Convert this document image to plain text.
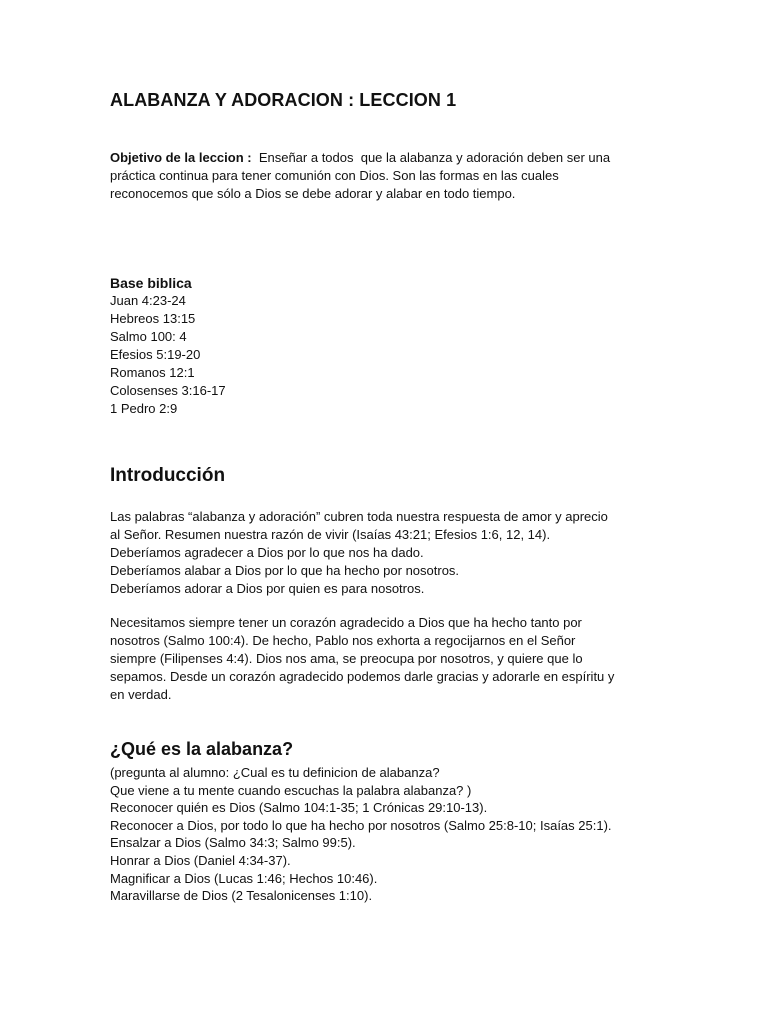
ALABANZA Y ADORACION : LECCION 1
Objetivo de la leccion :  Enseñar a todos  que la alabanza y adoración deben ser una
práctica continua para tener comunión con Dios. Son las formas en las cuales
reconocemos que sólo a Dios se debe adorar y alabar en todo tiempo.
Base biblica
Juan 4:23-24
Hebreos 13:15
Salmo 100: 4
Efesios 5:19-20
Romanos 12:1
Colosenses 3:16-17
1 Pedro 2:9
Introducción
Las palabras “alabanza y adoración” cubren toda nuestra respuesta de amor y aprecio
al Señor. Resumen nuestra razón de vivir (Isaías 43:21; Efesios 1:6, 12, 14).
Deberíamos agradecer a Dios por lo que nos ha dado.
Deberíamos alabar a Dios por lo que ha hecho por nosotros.
Deberíamos adorar a Dios por quien es para nosotros.
Necesitamos siempre tener un corazón agradecido a Dios que ha hecho tanto por
nosotros (Salmo 100:4). De hecho, Pablo nos exhorta a regocijarnos en el Señor
siempre (Filipenses 4:4). Dios nos ama, se preocupa por nosotros, y quiere que lo
sepamos. Desde un corazón agradecido podemos darle gracias y adorarle en espíritu y
en verdad.
¿Qué es la alabanza?
(pregunta al alumno: ¿Cual es tu definicion de alabanza?
Que viene a tu mente cuando escuchas la palabra alabanza? )
Reconocer quién es Dios (Salmo 104:1-35; 1 Crónicas 29:10-13).
Reconocer a Dios, por todo lo que ha hecho por nosotros (Salmo 25:8-10; Isaías 25:1).
Ensalzar a Dios (Salmo 34:3; Salmo 99:5).
Honrar a Dios (Daniel 4:34-37).
Magnificar a Dios (Lucas 1:46; Hechos 10:46).
Maravillarse de Dios (2 Tesalonicenses 1:10).
